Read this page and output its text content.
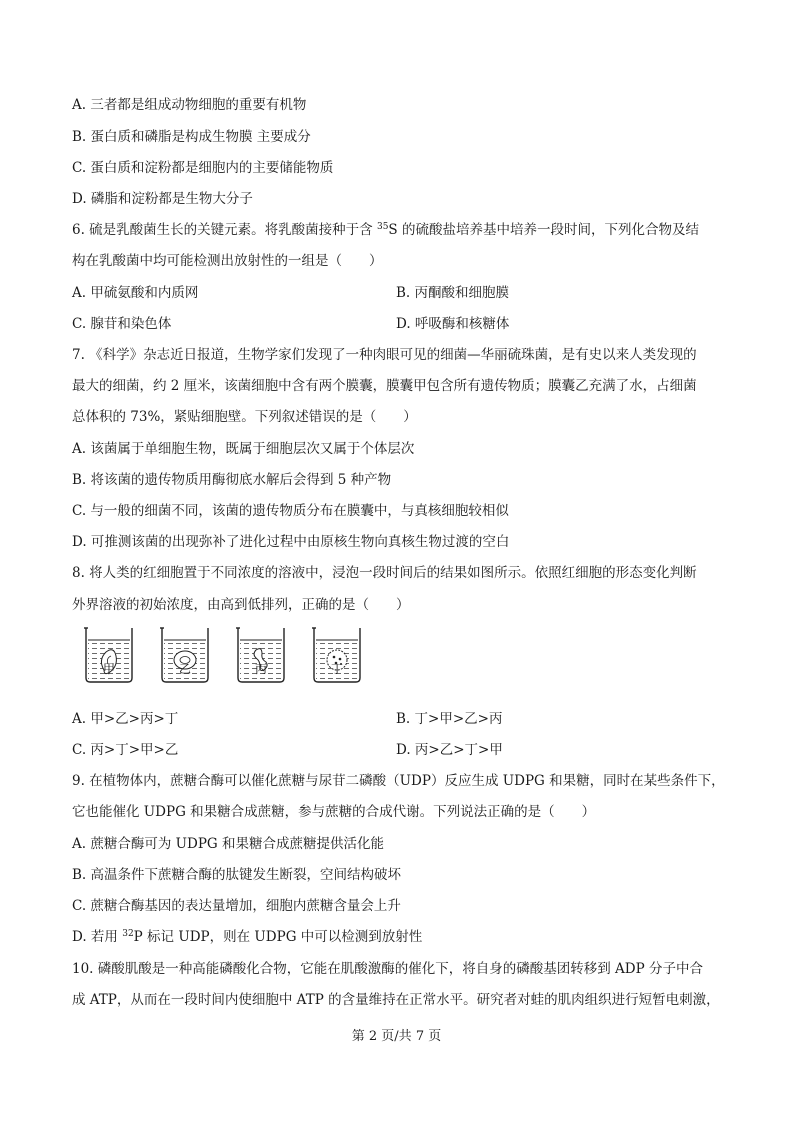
A. 三者都是组成动物细胞的重要有机物
B. 蛋白质和磷脂是构成生物膜 主要成分
C. 蛋白质和淀粉都是细胞内的主要储能物质
D. 磷脂和淀粉都是生物大分子
6. 硫是乳酸菌生长的关键元素。将乳酸菌接种于含 $^{35}$S 的硫酸盐培养基中培养一段时间，下列化合物及结
构在乳酸菌中均可能检测出放射性的一组是（　　）
A. 甲硫氨酸和内质网	B. 丙酮酸和细胞膜
C. 腺苷和染色体	D. 呼吸酶和核糖体
7. 《科学》杂志近日报道，生物学家们发现了一种肉眼可见的细菌—华丽硫珠菌，是有史以来人类发现的
最大的细菌，约 2 厘米，该菌细胞中含有两个膜囊，膜囊甲包含所有遗传物质；膜囊乙充满了水，占细菌
总体积的 73%，紧贴细胞壁。下列叙述错误的是（　　）
A. 该菌属于单细胞生物，既属于细胞层次又属于个体层次
B. 将该菌的遗传物质用酶彻底水解后会得到 5 种产物
C. 与一般的细菌不同，该菌的遗传物质分布在膜囊中，与真核细胞较相似
D. 可推测该菌的出现弥补了进化过程中由原核生物向真核生物过渡的空白
8. 将人类的红细胞置于不同浓度的溶液中，浸泡一段时间后的结果如图所示。依照红细胞的形态变化判断
外界溶液的初始浓度，由高到低排列，正确的是（　　）
甲	乙	丙	丁
A. 甲>乙>丙>丁	B. 丁>甲>乙>丙
C. 丙>丁>甲>乙	D. 丙>乙>丁>甲
9. 在植物体内，蔗糖合酶可以催化蔗糖与尿苷二磷酸（UDP）反应生成 UDPG 和果糖，同时在某些条件下，
它也能催化 UDPG 和果糖合成蔗糖，参与蔗糖的合成代谢。下列说法正确的是（　　）
A. 蔗糖合酶可为 UDPG 和果糖合成蔗糖提供活化能
B. 高温条件下蔗糖合酶的肽键发生断裂，空间结构破坏
C. 蔗糖合酶基因的表达量增加，细胞内蔗糖含量会上升
D. 若用 $^{32}$P 标记 UDP，则在 UDPG 中可以检测到放射性
10. 磷酸肌酸是一种高能磷酸化合物，它能在肌酸激酶的催化下，将自身的磷酸基团转移到 ADP 分子中合
成 ATP，从而在一段时间内使细胞中 ATP 的含量维持在正常水平。研究者对蛙的肌肉组织进行短暂电刺激，
第 2 页/共 7 页
